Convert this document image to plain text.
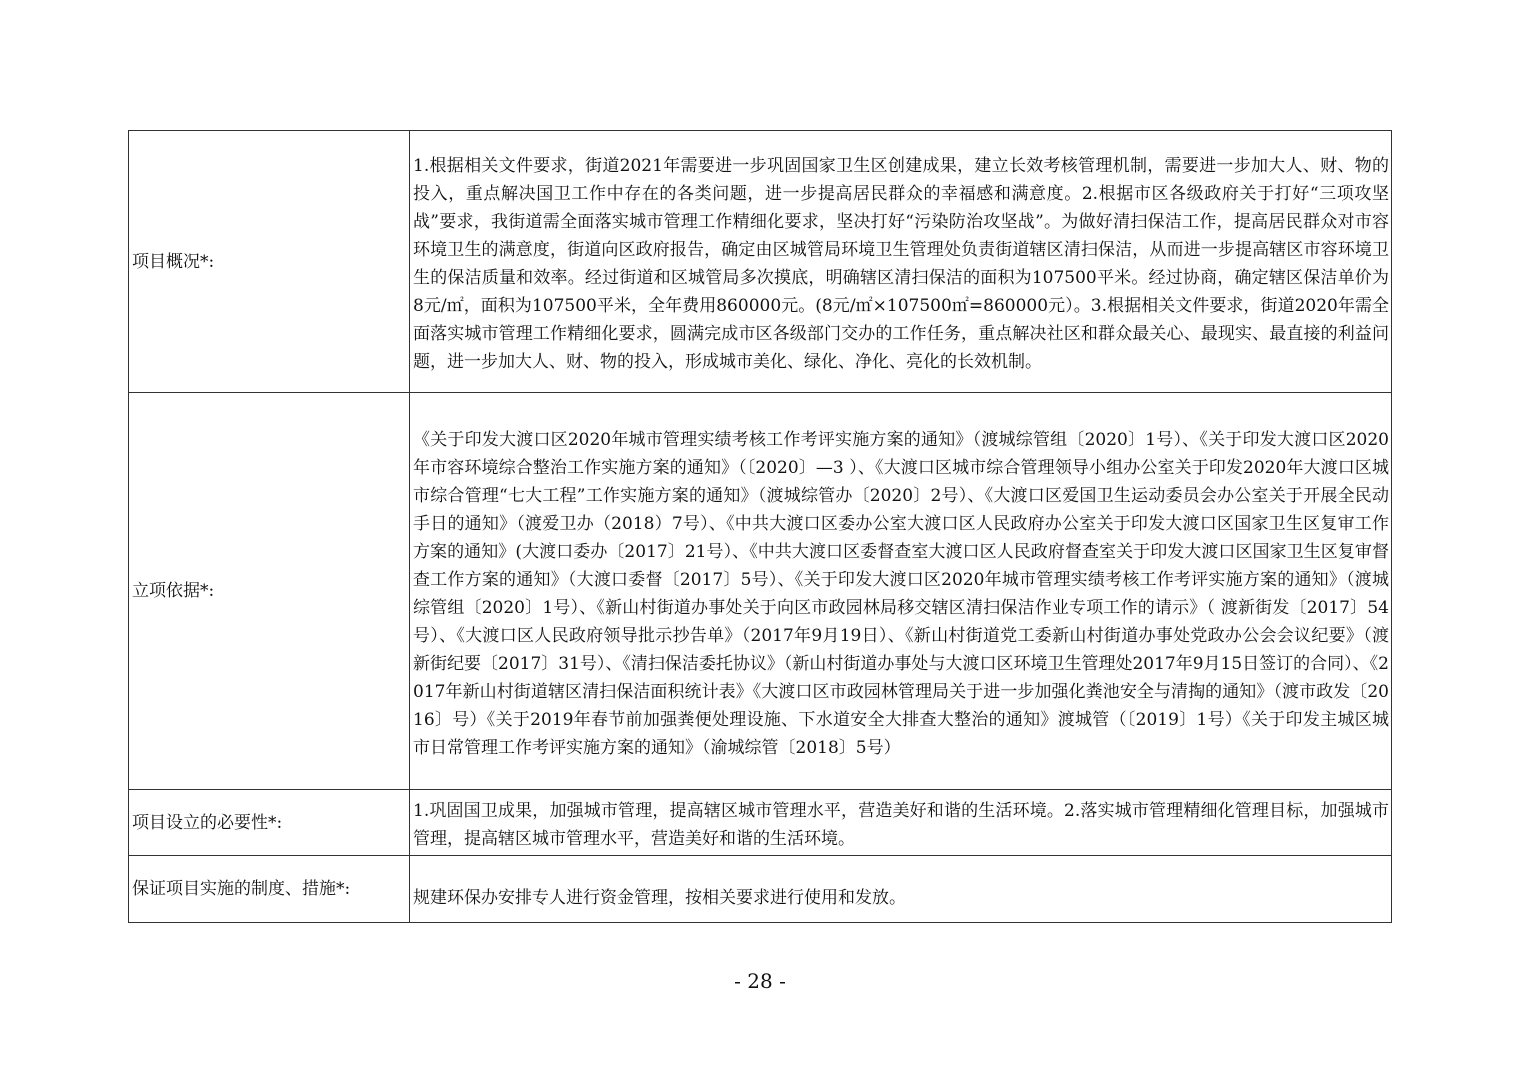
项目概况*:	1.根据相关文件要求，街道2021年需要进一步巩固国家卫生区创建成果，建立长效考核管理机制，需要进一步加大人、财、物的投入，重点解决国卫工作中存在的各类问题，进一步提高居民群众的幸福感和满意度。2.根据市区各级政府关于打好“三项攻坚战”要求，我街道需全面落实城市管理工作精细化要求，坚决打好“污染防治攻坚战”。为做好清扫保洁工作，提高居民群众对市容环境卫生的满意度，街道向区政府报告，确定由区城管局环境卫生管理处负责街道辖区清扫保洁，从而进一步提高辖区市容环境卫生的保洁质量和效率。经过街道和区城管局多次摸底，明确辖区清扫保洁的面积为107500平米。经过协商，确定辖区保洁单价为8元/㎡，面积为107500平米，全年费用860000元。(8元/㎡×107500㎡=860000元）。3.根据相关文件要求，街道2020年需全面落实城市管理工作精细化要求，圆满完成市区各级部门交办的工作任务，重点解决社区和群众最关心、最现实、最直接的利益问题，进一步加大人、财、物的投入，形成城市美化、绿化、净化、亮化的长效机制。

立项依据*:	《关于印发大渡口区2020年城市管理实绩考核工作考评实施方案的通知》（渡城综管组〔2020〕1号）、《关于印发大渡口区2020年市容环境综合整治工作实施方案的通知》（〔2020〕—3 ）、《大渡口区城市综合管理领导小组办公室关于印发2020年大渡口区城市综合管理“七大工程”工作实施方案的通知》（渡城综管办〔2020〕2号）、《大渡口区爱国卫生运动委员会办公室关于开展全民动手日的通知》（渡爱卫办（2018）7号）、《中共大渡口区委办公室大渡口区人民政府办公室关于印发大渡口区国家卫生区复审工作方案的通知》(大渡口委办〔2017〕21号）、《中共大渡口区委督查室大渡口区人民政府督查室关于印发大渡口区国家卫生区复审督查工作方案的通知》（大渡口委督〔2017〕5号）、《关于印发大渡口区2020年城市管理实绩考核工作考评实施方案的通知》（渡城综管组〔2020〕1号）、《新山村街道办事处关于向区市政园林局移交辖区清扫保洁作业专项工作的请示》（ 渡新街发〔2017〕54号）、《大渡口区人民政府领导批示抄告单》（2017年9月19日）、《新山村街道党工委新山村街道办事处党政办公会会议纪要》（渡新街纪要〔2017〕31号）、《清扫保洁委托协议》（新山村街道办事处与大渡口区环境卫生管理处2017年9月15日签订的合同）、《2017年新山村街道辖区清扫保洁面积统计表》《大渡口区市政园林管理局关于进一步加强化粪池安全与清掏的通知》（渡市政发〔2016〕号）《关于2019年春节前加强粪便处理设施、下水道安全大排查大整治的通知》渡城管（〔2019〕1号）《关于印发主城区城市日常管理工作考评实施方案的通知》（渝城综管〔2018〕5号）

项目设立的必要性*:	1.巩固国卫成果，加强城市管理，提高辖区城市管理水平，营造美好和谐的生活环境。2.落实城市管理精细化管理目标，加强城市管理，提高辖区城市管理水平，营造美好和谐的生活环境。

保证项目实施的制度、措施*:	规建环保办安排专人进行资金管理，按相关要求进行使用和发放。
- 28 -
